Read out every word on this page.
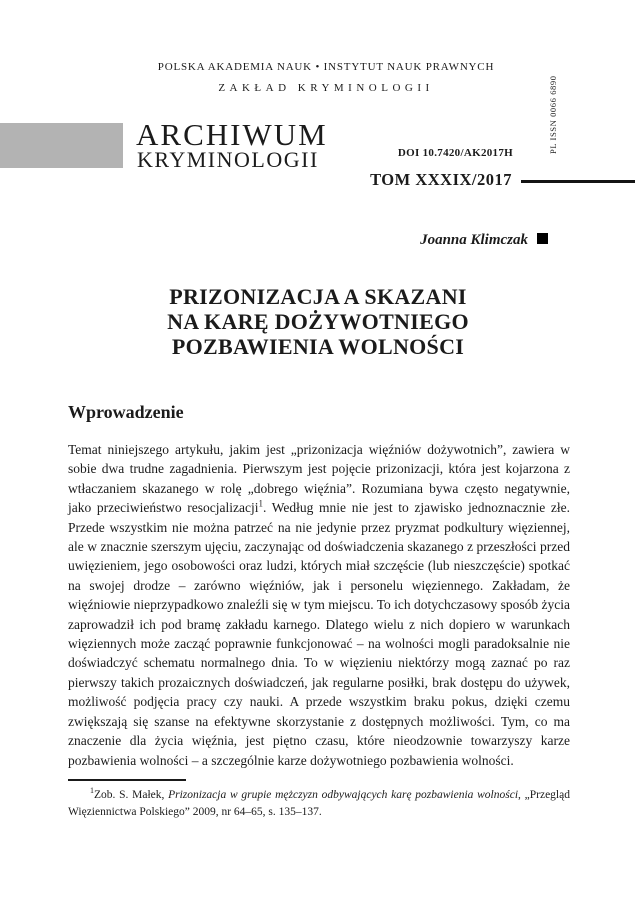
POLSKA AKADEMIA NAUK • INSTYTUT NAUK PRAWNYCH
ZAKŁAD KRYMINOLOGII
ARCHIWUM
KRYMINOLOGII	DOI 10.7420/AK2017H
TOM XXXIX/2017
PL ISSN 0066 6890
Joanna Klimczak
PRIZONIZACJA A SKAZANI
NA KARĘ DOŻYWOTNIEGO
POZBAWIENIA WOLNOŚCI
Wprowadzenie

Temat niniejszego artykułu, jakim jest „prizonizacja więźniów dożywotnich”, zawiera w sobie dwa trudne zagadnienia. Pierwszym jest pojęcie prizonizacji, która jest kojarzona z wtłaczaniem skazanego w rolę „dobrego więźnia”. Rozumiana bywa często negatywnie, jako przeciwieństwo resocjalizacji$^1$. Według mnie nie jest to zjawisko jednoznacznie złe. Przede wszystkim nie można patrzeć na nie jedynie przez pryzmat podkultury więziennej, ale w znacznie szerszym ujęciu, zaczynając od doświadczenia skazanego z przeszłości przed uwięzieniem, jego osobowości oraz ludzi, których miał szczęście (lub nieszczęście) spotkać na swojej drodze – zarówno więźniów, jak i personelu więziennego. Zakładam, że więźniowie nieprzypadkowo znaleźli się w tym miejscu. To ich dotychczasowy sposób życia zaprowadził ich pod bramę zakładu karnego. Dlatego wielu z nich dopiero w warunkach więziennych może zacząć poprawnie funkcjonować – na wolności mogli paradoksalnie nie doświadczyć schematu normalnego dnia. To w więzieniu niektórzy mogą zaznać po raz pierwszy takich prozaicznych doświadczeń, jak regularne posiłki, brak dostępu do używek, możliwość podjęcia pracy czy nauki. A przede wszystkim braku pokus, dzięki czemu zwiększają się szanse na efektywne skorzystanie z dostępnych możliwości. Tym, co ma znaczenie dla życia więźnia, jest piętno czasu, które nieodzownie towarzyszy karze pozbawienia wolności – a szczególnie karze dożywotniego pozbawienia wolności.

$^1$Zob. S. Małek, Prizonizacja w grupie mężczyzn odbywających karę pozbawienia wolności, „Przegląd Więziennictwa Polskiego” 2009, nr 64–65, s. 135–137.
